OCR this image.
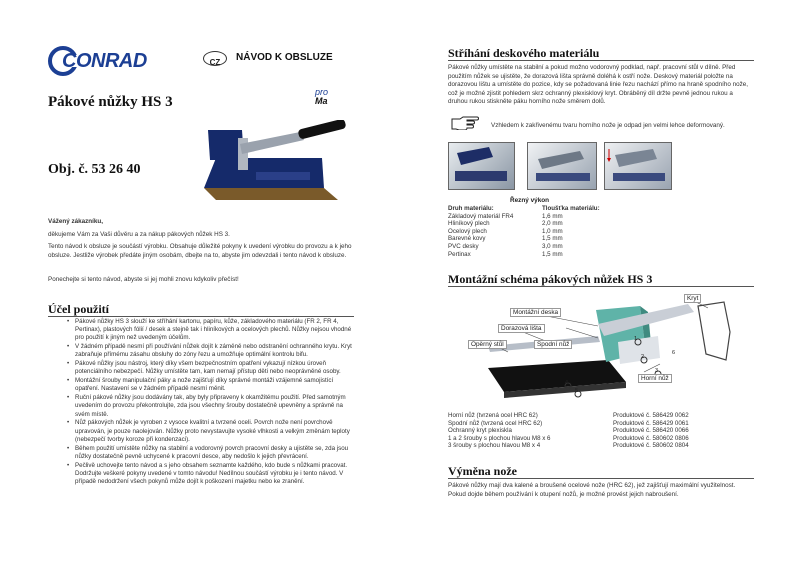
CONRAD	CZ	NÁVOD K OBSLUZE
Pákové nůžky HS 3
pro
Ma
Obj. č. 53 26 40
Vážený zákazníku,
děkujeme Vám za Vaši důvěru a za nákup pákových nůžek HS 3.
Tento návod k obsluze je součástí výrobku. Obsahuje důležité pokyny k uvedení výrobku do provozu a k jeho obsluze. Jestliže výrobek předáte jiným osobám, dbejte na to, abyste jim odevzdali i tento návod k obsluze.
Ponechejte si tento návod, abyste si jej mohli znovu kdykoliv přečíst!
Účel použití
• Pákové nůžky HS 3 slouží ke stříhání kartonu, papíru, kůže, základového materiálu (FR 2, FR 4, Pertinax), plastových fólií / desek a stejně tak i hliníkových a ocelových plechů. Nůžky nejsou vhodné pro použití k jiným než uvedeným účelům.
• V žádném případě nesmí při používání nůžek dojít k záměně nebo odstranění ochranného krytu. Kryt zabraňuje přímému zásahu obsluhy do zóny řezu a umožňuje optimální kontrolu bifu.
• Pákové nůžky jsou nástroj, který díky všem bezpečnostním opatření vykazují nízkou úroveň potenciálního nebezpečí. Nůžky umístěte tam, kam nemají přístup děti nebo neoprávněné osoby.
• Montážní šrouby manipulační páky a nože zajišťují díky správné montáži vzájemné samojistící opatření. Nastavení se v žádném případě nesmí měnit.
• Ruční pákové nůžky jsou dodávány tak, aby byly připraveny k okamžitému použití. Před samotným uvedením do provozu překontrolujte, zda jsou všechny šrouby dostatečně upevněny a správně na svém místě.
• Nůž pákových nůžek je vyroben z vysoce kvalitní a tvrzené oceli. Povrch nože není povrchově upravován, je pouze naolejován. Nůžky proto nevystavujte vysoké vlhkosti a velkým změnám teploty (nebezpečí tvorby koroze při kondenzaci).
• Během použití umístěte nůžky na stabilní a vodorovný povrch pracovní desky a ujistěte se, zda jsou nůžky dostatečně pevně uchycené k pracovní desce, aby nedošlo k jejich převrácení.
• Pečlivě uchovejte tento návod a s jeho obsahem seznamte každého, kdo bude s nůžkami pracovat. Dodržujte veškeré pokyny uvedené v tomto návodu! Nedílnou součástí výrobku je i tento návod. V případě nedodržení všech pokynů může dojít k poškození majetku nebo ke zranění.
Stříhání deskového materiálu
Pákové nůžky umístěte na stabilní a pokud možno vodorovný podklad, např. pracovní stůl v dílně. Před použitím nůžek se ujistěte, že dorazová lišta správně doléhá k ostří nože. Deskový materiál položte na dorazovou lištu a umístěte do pozice, kdy se požadovaná linie řezu nachází přímo na hraně spodního nože, což je možné zjistit pohledem skrz ochranný plexisklový kryt. Obráběný díl držte pevně jednou rukou a druhou rukou stiskněte páku horního nože směrem dolů.
Vzhledem k zakřivenému tvaru horního nože je odpad jen velmi lehce deformovaný.
Řezný výkon
Druh materiálu:	Tloušťka materiálu:
Základový materiál FR4	1,6 mm
Hliníkový plech	2,0 mm
Ocelový plech	1,0 mm
Barevné kovy	1,5 mm
PVC desky	3,0 mm
Pertinax	1,5 mm
Montážní schéma pákových nůžek HS 3
Montážní deska
Dorazová lišta
Spodní nůž
Opěrný stůl
Kryt
Horní nůž
1
2
3
4
5
6
Horní nůž (tvrzená ocel HRC 62)	Produktové č. 586429 0062
Spodní nůž (tvrzená ocel HRC 62)	Produktové č. 586429 0061
Ochranný kryt plexiskla	Produktové č. 586420 0066
1 a 2 šrouby s plochou hlavou M8 x 6	Produktové č. 580602 0806
3 šrouby s plochou hlavou M8 x 4	Produktové č. 580602 0804
Výměna nože
Pákové nůžky mají dva kalené a broušené ocelové nože (HRC 62), jež zajišťují maximální využitelnost. Pokud dojde během používání k otupení nožů, je možné provést jejich nabroušení.
